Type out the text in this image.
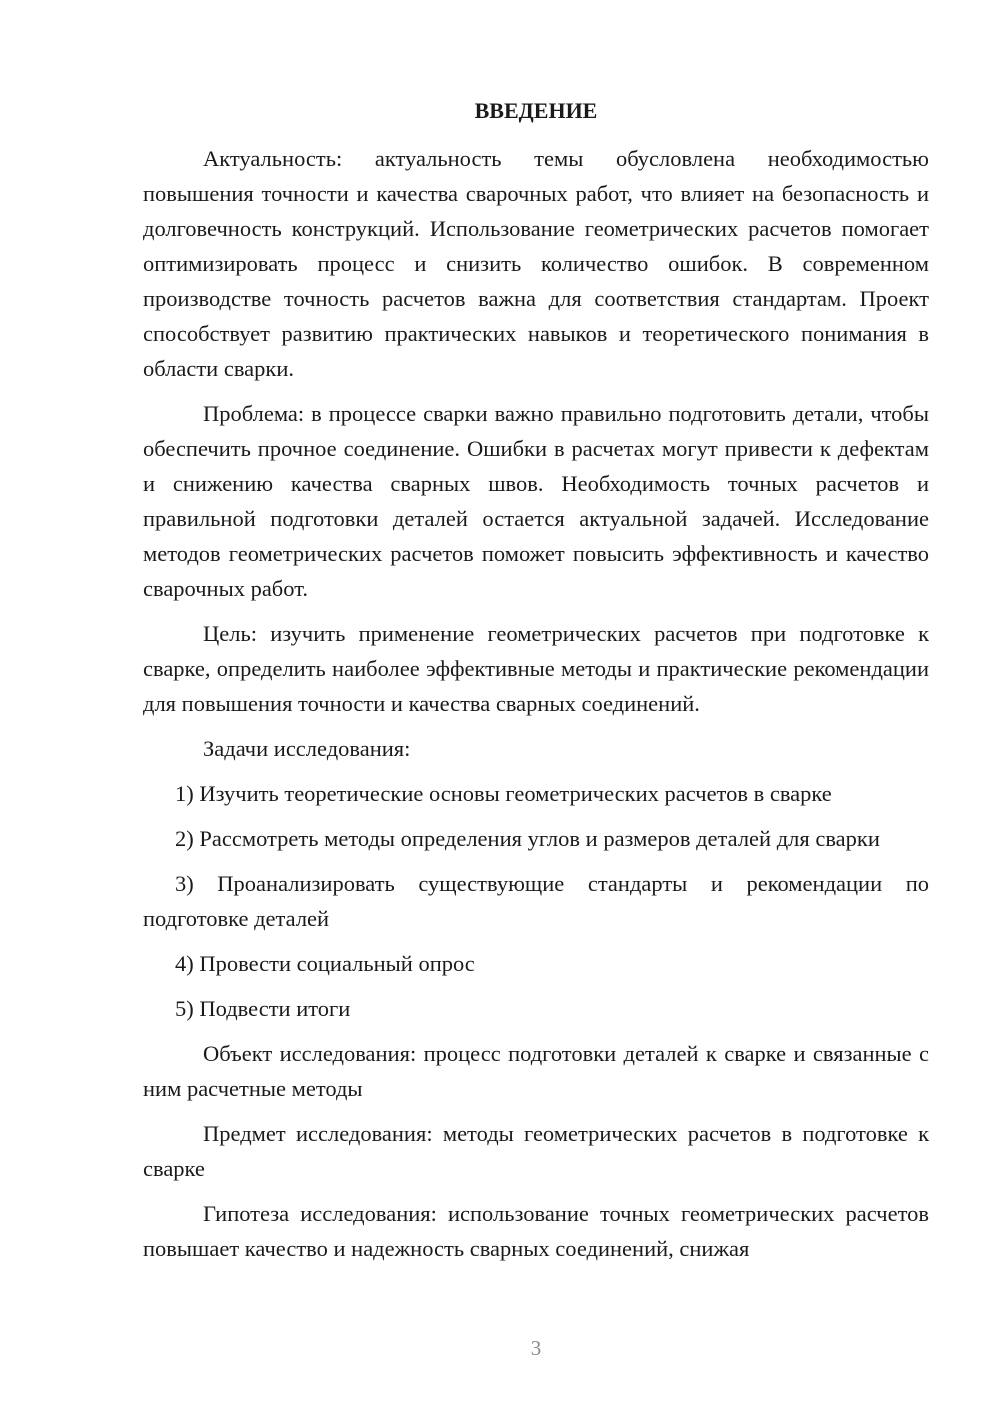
ВВЕДЕНИЕ

Актуальность: актуальность темы обусловлена необходимостью повышения точности и качества сварочных работ, что влияет на безопасность и долговечность конструкций. Использование геометрических расчетов помогает оптимизировать процесс и снизить количество ошибок. В современном производстве точность расчетов важна для соответствия стандартам. Проект способствует развитию практических навыков и теоретического понимания в области сварки.

Проблема: в процессе сварки важно правильно подготовить детали, чтобы обеспечить прочное соединение. Ошибки в расчетах могут привести к дефектам и снижению качества сварных швов. Необходимость точных расчетов и правильной подготовки деталей остается актуальной задачей. Исследование методов геометрических расчетов поможет повысить эффективность и качество сварочных работ.

Цель: изучить применение геометрических расчетов при подготовке к сварке, определить наиболее эффективные методы и практические рекомендации для повышения точности и качества сварных соединений.

Задачи исследования:

1) Изучить теоретические основы геометрических расчетов в сварке

2) Рассмотреть методы определения углов и размеров деталей для сварки

3) Проанализировать существующие стандарты и рекомендации по подготовке деталей

4) Провести социальный опрос

5) Подвести итоги

Объект исследования: процесс подготовки деталей к сварке и связанные с ним расчетные методы

Предмет исследования: методы геометрических расчетов в подготовке к сварке

Гипотеза исследования: использование точных геометрических расчетов повышает качество и надежность сварных соединений, снижая

3
